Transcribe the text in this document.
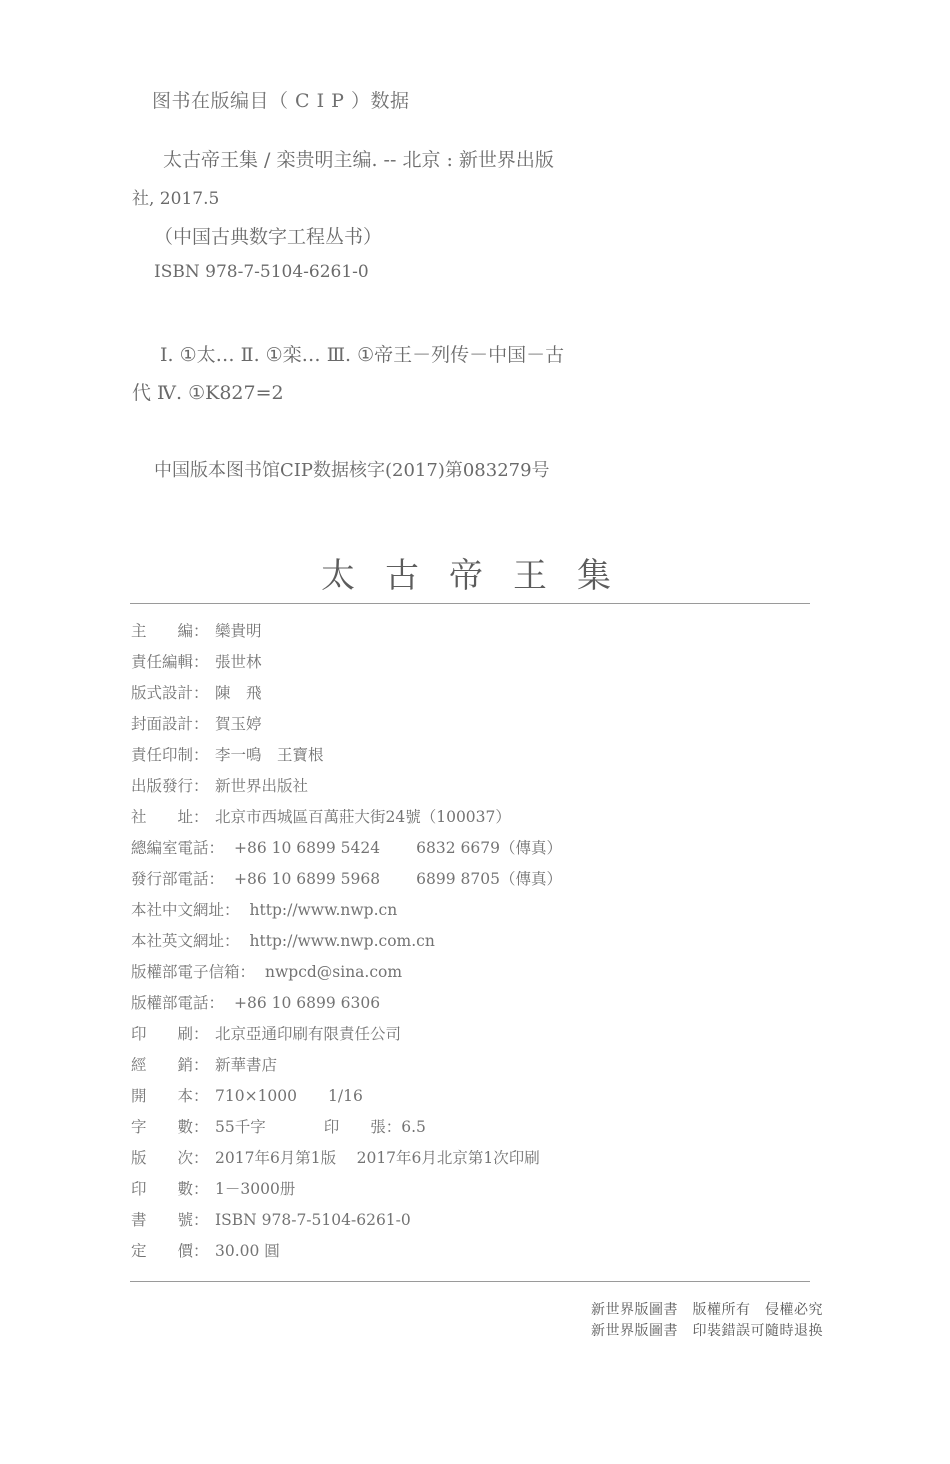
图书在版编目（ C I P ）数据
太古帝王集 / 栾贵明主编. -- 北京 : 新世界出版
社, 2017.5
（中国古典数字工程丛书）
ISBN 978-7-5104-6261-0
Ⅰ. ①太… Ⅱ. ①栾… Ⅲ. ①帝王－列传－中国－古
代 Ⅳ. ①K827=2
中国版本图书馆CIP数据核字(2017)第083279号
太古帝王集
主　　編： 欒貴明
責任編輯： 張世林
版式設計： 陳　飛
封面設計： 賀玉婷
責任印制： 李一鳴　王寶根
出版發行： 新世界出版社
社　　址： 北京市西城區百萬莊大街24號（100037）
總編室電話： +86 10 6899 5424 6832 6679（傳真）
發行部電話： +86 10 6899 5968 6899 8705（傳真）
本社中文網址： http://www.nwp.cn
本社英文網址： http://www.nwp.com.cn
版權部電子信箱： nwpcd@sina.com
版權部電話： +86 10 6899 6306
印　　刷： 北京亞通印刷有限責任公司
經　　銷： 新華書店
開　　本： 710×1000　　1/16
字　　數： 55千字	印　　張：6.5
版　　次： 2017年6月第1版　 2017年6月北京第1次印刷
印　　數： 1－3000册
書　　號： ISBN 978-7-5104-6261-0
定　　價： 30.00 圓
新世界版圖書　版權所有　侵權必究
新世界版圖書　印裝錯誤可隨時退换
